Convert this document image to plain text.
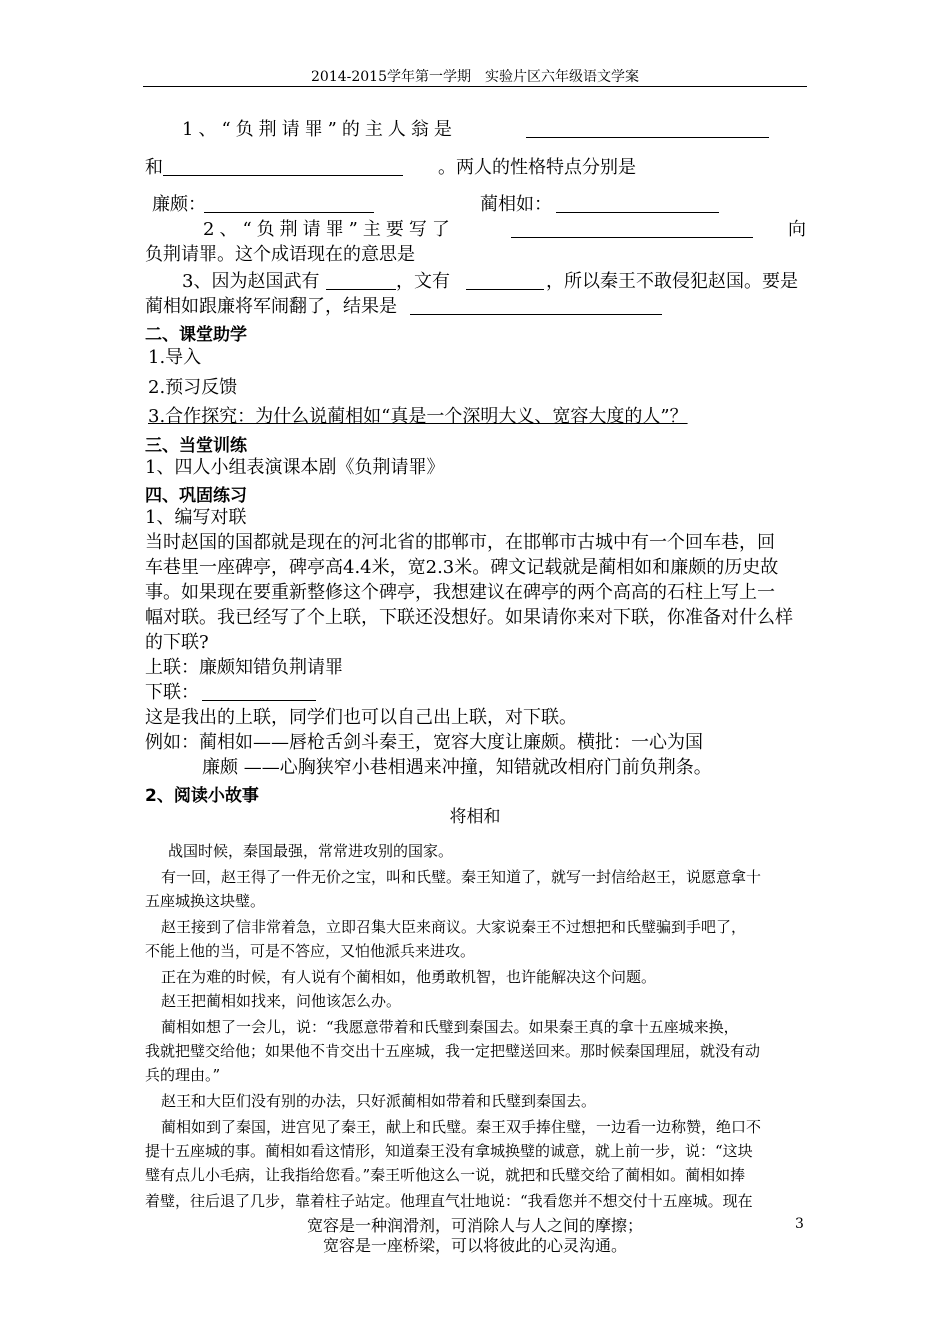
2014-2015学年第一学期　实验片区六年级语文学案
1、“负荆请罪”的主人翁是
和	。两人的性格特点分别是
廉颇：	蔺相如：
2、“负荆请罪”主要写了	向
负荆请罪。这个成语现在的意思是
3、因为赵国武有	，文有	，所以秦王不敢侵犯赵国。要是
蔺相如跟廉将军闹翻了，结果是
二、课堂助学
1.导入
2.预习反馈
3.合作探究：为什么说蔺相如“真是一个深明大义、宽容大度的人”？
三、当堂训练
1、四人小组表演课本剧《负荆请罪》
四、巩固练习
1、编写对联
当时赵国的国都就是现在的河北省的邯郸市，在邯郸市古城中有一个回车巷，回
车巷里一座碑亭，碑亭高4.4米，宽2.3米。碑文记载就是蔺相如和廉颇的历史故
事。如果现在要重新整修这个碑亭，我想建议在碑亭的两个高高的石柱上写上一
幅对联。我已经写了个上联，下联还没想好。如果请你来对下联，你准备对什么样
的下联?
上联：廉颇知错负荆请罪
下联：
这是我出的上联，同学们也可以自己出上联，对下联。
例如：蔺相如——唇枪舌剑斗秦王，宽容大度让廉颇。横批：一心为国
廉颇 ——心胸狭窄小巷相遇来冲撞，知错就改相府门前负荆条。
2、阅读小故事
将相和
战国时候，秦国最强，常常进攻别的国家。
有一回，赵王得了一件无价之宝，叫和氏璧。秦王知道了，就写一封信给赵王，说愿意拿十
五座城换这块璧。
赵王接到了信非常着急，立即召集大臣来商议。大家说秦王不过想把和氏璧骗到手吧了，
不能上他的当，可是不答应，又怕他派兵来进攻。
正在为难的时候，有人说有个蔺相如，他勇敢机智，也许能解决这个问题。
赵王把蔺相如找来，问他该怎么办。
蔺相如想了一会儿，说：“我愿意带着和氏璧到秦国去。如果秦王真的拿十五座城来换，
我就把璧交给他；如果他不肯交出十五座城，我一定把璧送回来。那时候秦国理屈，就没有动
兵的理由。”
赵王和大臣们没有别的办法，只好派蔺相如带着和氏璧到秦国去。
蔺相如到了秦国，进宫见了秦王，献上和氏璧。秦王双手捧住璧，一边看一边称赞，绝口不
提十五座城的事。蔺相如看这情形，知道秦王没有拿城换璧的诚意，就上前一步，说：“这块
璧有点儿小毛病，让我指给您看。”秦王听他这么一说，就把和氏璧交给了蔺相如。蔺相如捧
着璧，往后退了几步，靠着柱子站定。他理直气壮地说：“我看您并不想交付十五座城。现在
宽容是一种润滑剂，可消除人与人之间的摩擦；
宽容是一座桥梁，可以将彼此的心灵沟通。
3
